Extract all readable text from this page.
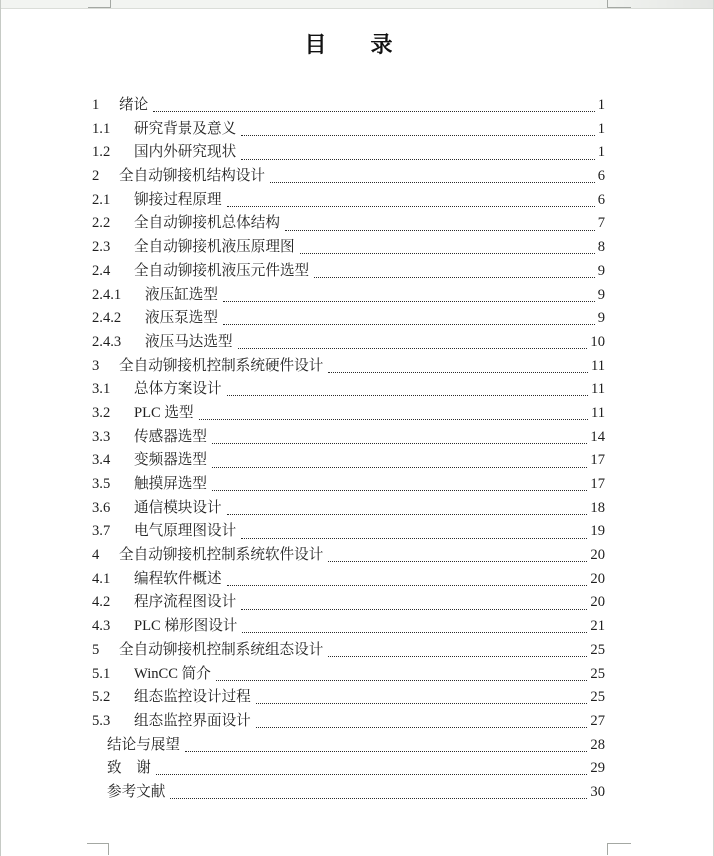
目　　录
1	绪论	1
1.1	研究背景及意义	1
1.2	国内外研究现状	1
2	全自动铆接机结构设计	6
2.1	铆接过程原理	6
2.2	全自动铆接机总体结构	7
2.3	全自动铆接机液压原理图	8
2.4	全自动铆接机液压元件选型	9
2.4.1	液压缸选型	9
2.4.2	液压泵选型	9
2.4.3	液压马达选型	10
3	全自动铆接机控制系统硬件设计	11
3.1	总体方案设计	11
3.2	PLC 选型	11
3.3	传感器选型	14
3.4	变频器选型	17
3.5	触摸屏选型	17
3.6	通信模块设计	18
3.7	电气原理图设计	19
4	全自动铆接机控制系统软件设计	20
4.1	编程软件概述	20
4.2	程序流程图设计	20
4.3	PLC 梯形图设计	21
5	全自动铆接机控制系统组态设计	25
5.1	WinCC 简介	25
5.2	组态监控设计过程	25
5.3	组态监控界面设计	27
结论与展望	28
致　谢	29
参考文献	30
